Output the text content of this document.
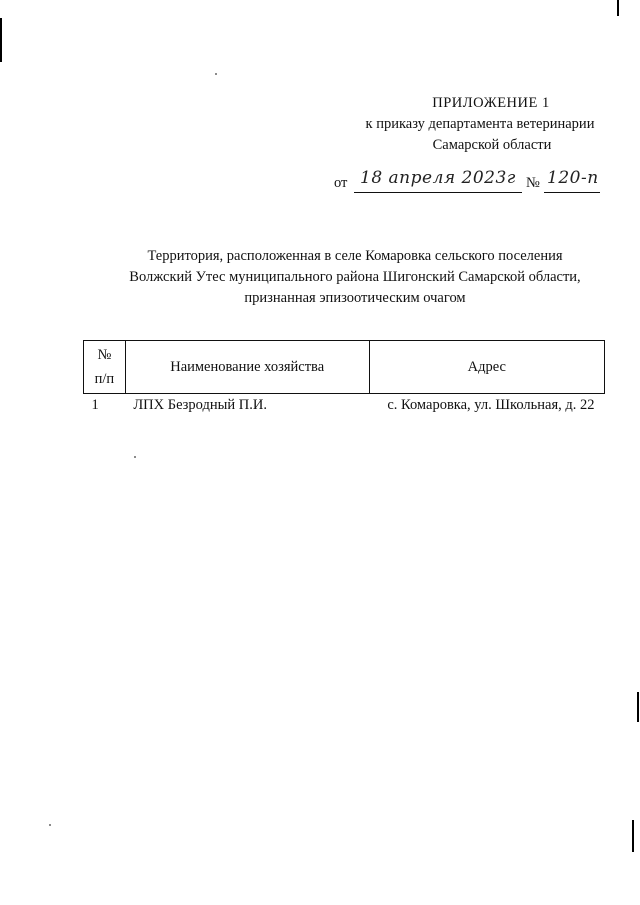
ПРИЛОЖЕНИЕ 1
к приказу департамента ветеринарии
Самарской области
от 18 апреля 2023г № 120-п
Территория, расположенная в селе Комаровка сельского поселения
Волжский Утес муниципального района Шигонский Самарской области,
признанная эпизоотическим очагом
№
п/п	Наименование хозяйства	Адрес
1	ЛПХ Безродный П.И.	с. Комаровка, ул. Школьная, д. 22
